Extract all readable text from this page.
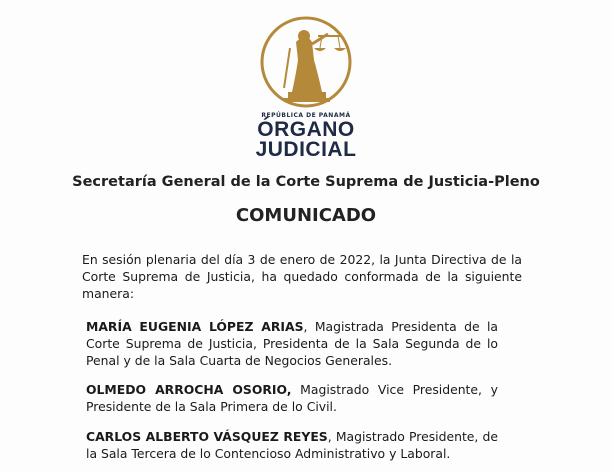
REPÚBLICA DE PANAMÁ
ÓRGANO
JUDICIAL
Secretaría General de la Corte Suprema de Justicia-Pleno
COMUNICADO
En sesión plenaria del día 3 de enero de 2022, la Junta Directiva de la Corte Suprema de Justicia, ha quedado conformada de la siguiente manera:
MARÍA EUGENIA LÓPEZ ARIAS, Magistrada Presidenta de la Corte Suprema de Justicia, Presidenta de la Sala Segunda de lo Penal y de la Sala Cuarta de Negocios Generales.
OLMEDO ARROCHA OSORIO, Magistrado Vice Presidente, y Presidente de la Sala Primera de lo Civil.
CARLOS ALBERTO VÁSQUEZ REYES, Magistrado Presidente, de la Sala Tercera de lo Contencioso Administrativo y Laboral.
